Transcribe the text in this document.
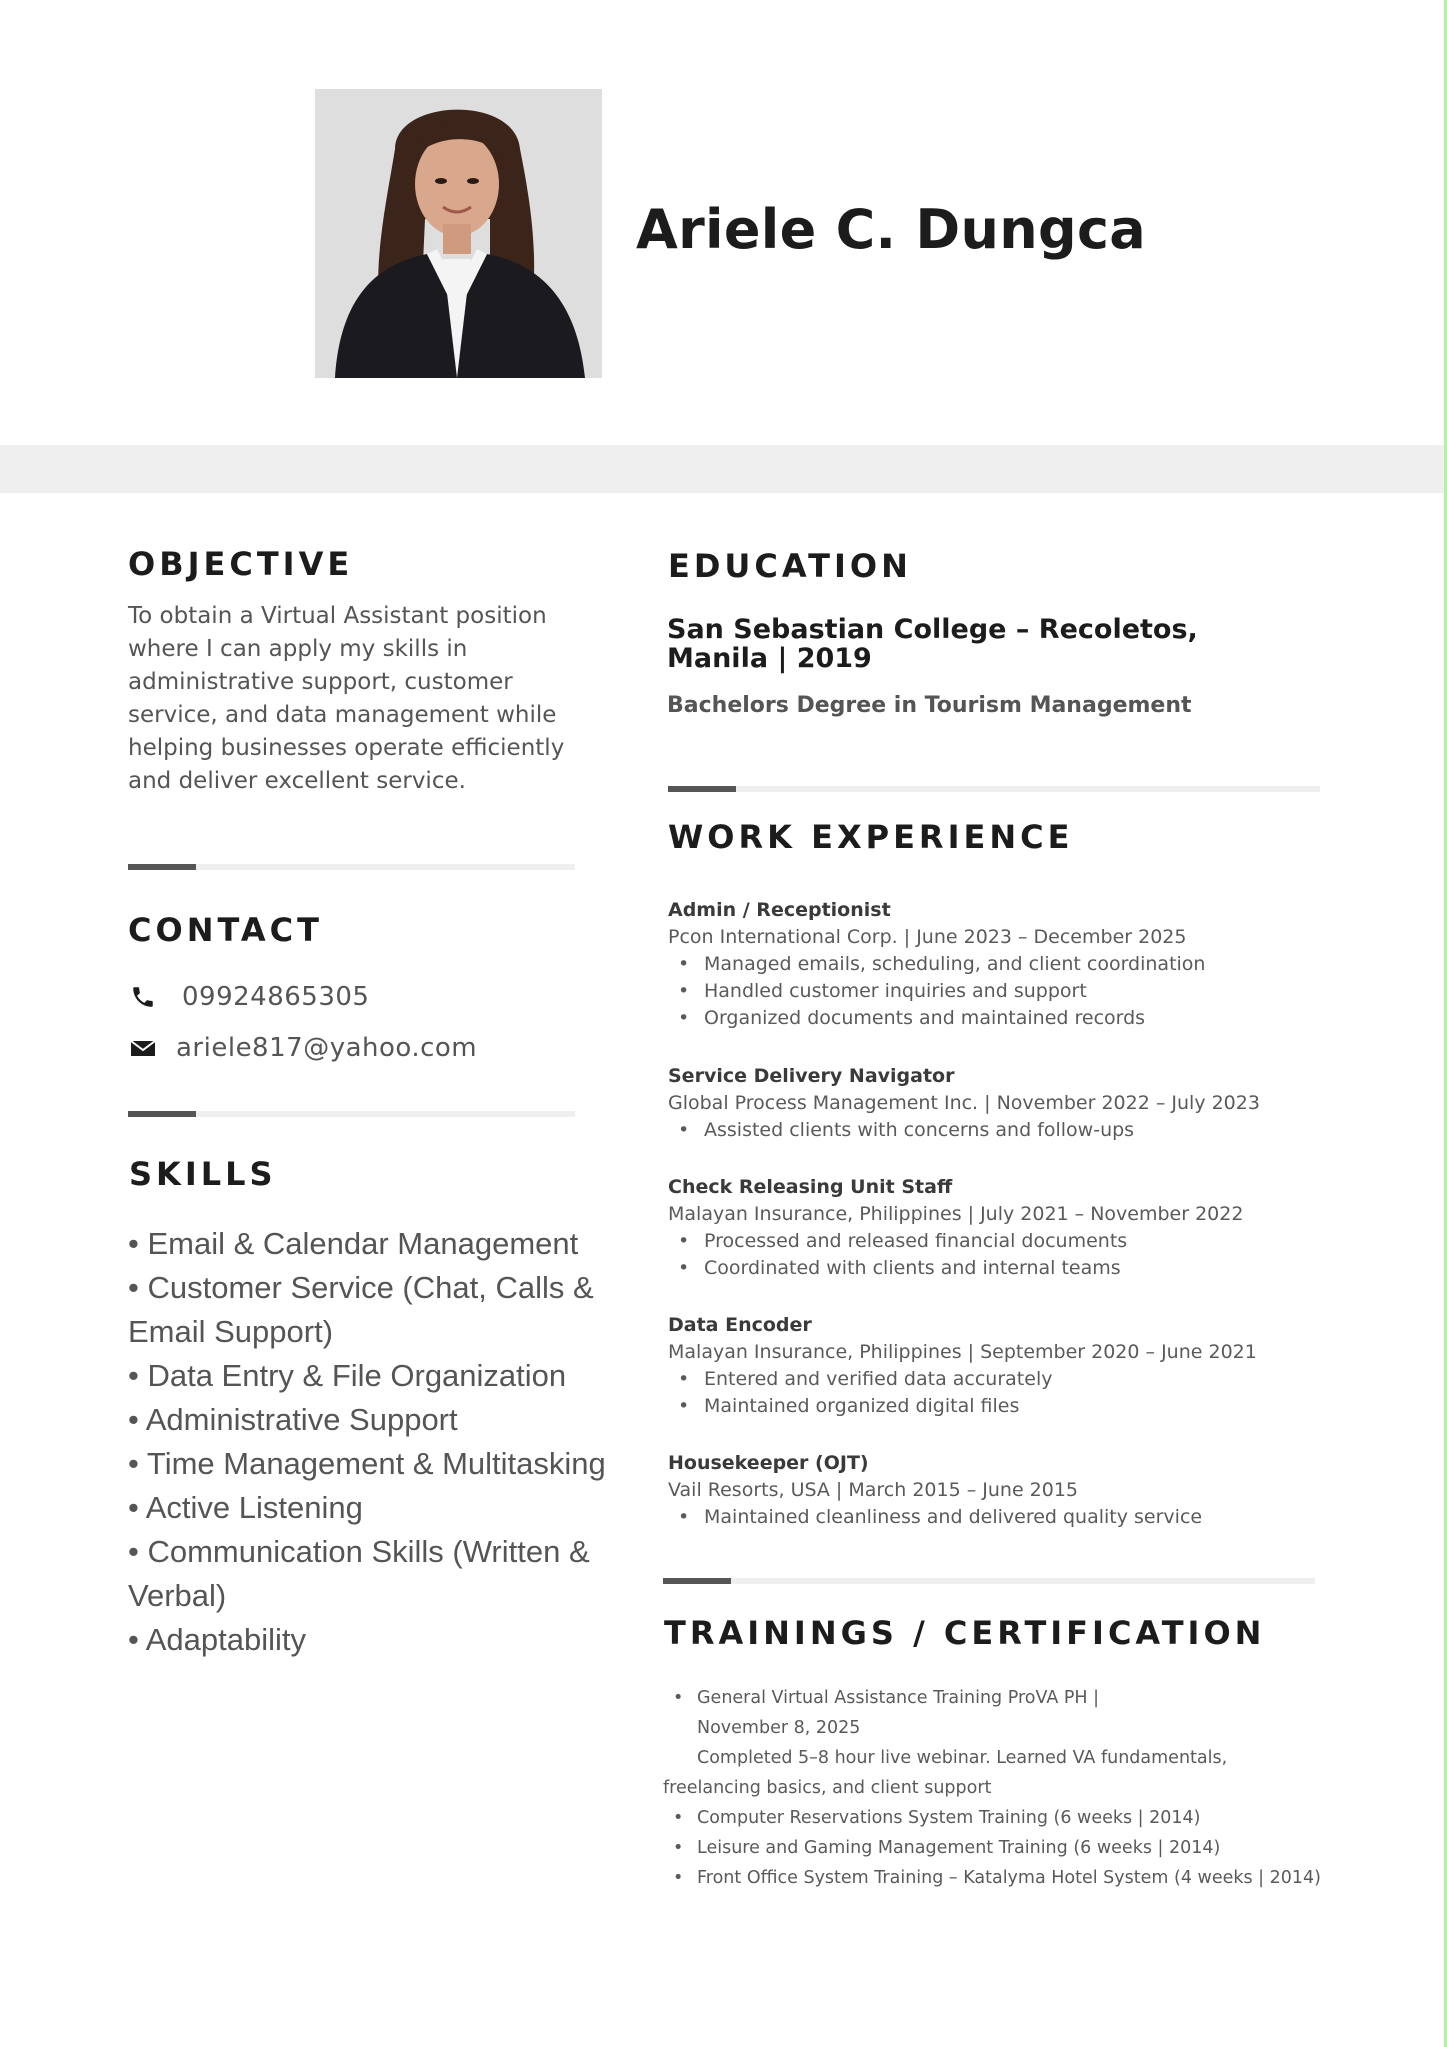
Ariele C. Dungca
OBJECTIVE
To obtain a Virtual Assistant position where I can apply my skills in administrative support, customer service, and data management while helping businesses operate efficiently and deliver excellent service.
CONTACT
09924865305
ariele817@yahoo.com
SKILLS
• Email & Calendar Management
• Customer Service (Chat, Calls & Email Support)
• Data Entry & File Organization
• Administrative Support
• Time Management & Multitasking
• Active Listening
• Communication Skills (Written & Verbal)
• Adaptability
EDUCATION
San Sebastian College – Recoletos, Manila | 2019
Bachelors Degree in Tourism Management
WORK EXPERIENCE
Admin / Receptionist
Pcon International Corp. | June 2023 – December 2025
• Managed emails, scheduling, and client coordination
• Handled customer inquiries and support
• Organized documents and maintained records
Service Delivery Navigator
Global Process Management Inc. | November 2022 – July 2023
• Assisted clients with concerns and follow-ups
Check Releasing Unit Staff
Malayan Insurance, Philippines | July 2021 – November 2022
• Processed and released financial documents
• Coordinated with clients and internal teams
Data Encoder
Malayan Insurance, Philippines | September 2020 – June 2021
• Entered and verified data accurately
• Maintained organized digital files
Housekeeper (OJT)
Vail Resorts, USA | March 2015 – June 2015
• Maintained cleanliness and delivered quality service
TRAININGS / CERTIFICATION
• General Virtual Assistance Training ProVA PH |
November 8, 2025
Completed 5–8 hour live webinar. Learned VA fundamentals,
freelancing basics, and client support
• Computer Reservations System Training (6 weeks | 2014)
• Leisure and Gaming Management Training (6 weeks | 2014)
• Front Office System Training – Katalyma Hotel System (4 weeks | 2014)
